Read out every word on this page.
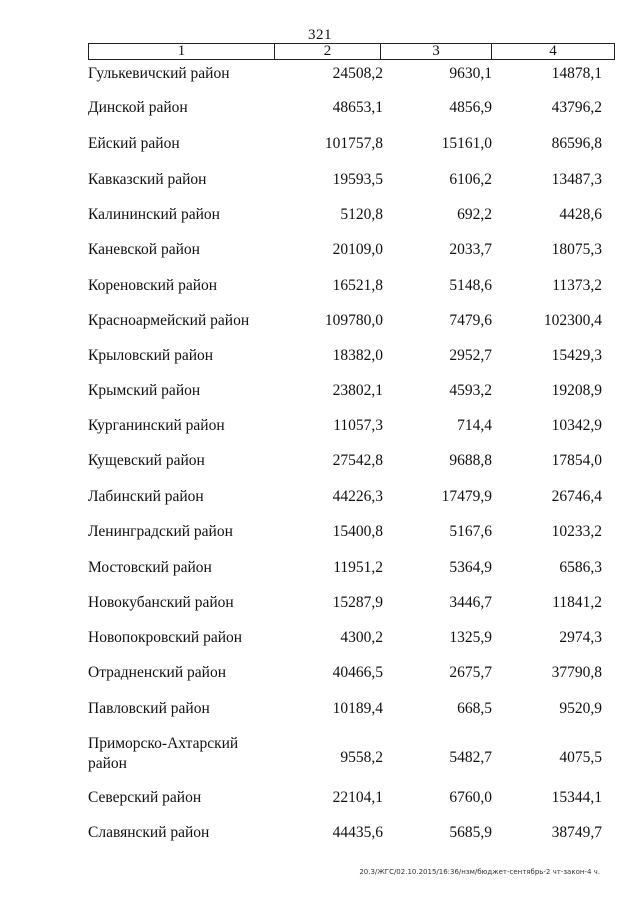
321
1	2	3	4
Гулькевичский район	24508,2	9630,1	14878,1
Динской район	48653,1	4856,9	43796,2
Ейский район	101757,8	15161,0	86596,8
Кавказский район	19593,5	6106,2	13487,3
Калининский район	5120,8	692,2	4428,6
Каневской район	20109,0	2033,7	18075,3
Кореновский район	16521,8	5148,6	11373,2
Красноармейский район	109780,0	7479,6	102300,4
Крыловский район	18382,0	2952,7	15429,3
Крымский район	23802,1	4593,2	19208,9
Курганинский район	11057,3	714,4	10342,9
Кущевский район	27542,8	9688,8	17854,0
Лабинский район	44226,3	17479,9	26746,4
Ленинградский район	15400,8	5167,6	10233,2
Мостовский район	11951,2	5364,9	6586,3
Новокубанский район	15287,9	3446,7	11841,2
Новопокровский район	4300,2	1325,9	2974,3
Отрадненский район	40466,5	2675,7	37790,8
Павловский район	10189,4	668,5	9520,9
Приморско-Ахтарский
район	9558,2	5482,7	4075,5
Северский район	22104,1	6760,0	15344,1
Славянский район	44435,6	5685,9	38749,7
20.3/ЖГС/02.10.2015/16:36/нзм/бюджет-сентябрь-2 чт-закон-4 ч.
